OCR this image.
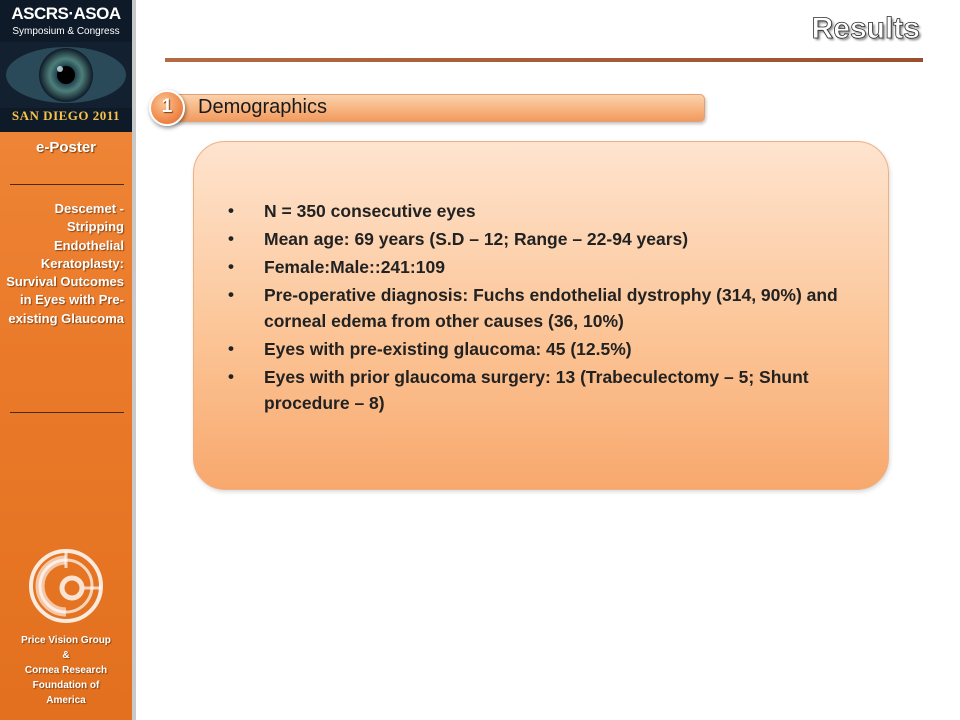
ASCRS·ASOA
Symposium & Congress
SAN DIEGO 2011
e-Poster
Descemet - Stripping Endothelial Keratoplasty: Survival Outcomes in Eyes with Pre-existing Glaucoma
Price Vision Group
&
Cornea Research
Foundation of
America
Results
Demographics
1
• N = 350 consecutive eyes
• Mean age: 69 years (S.D – 12; Range – 22-94 years)
• Female:Male::241:109
• Pre-operative diagnosis: Fuchs endothelial dystrophy (314, 90%) and corneal edema from other causes (36, 10%)
• Eyes with pre-existing glaucoma: 45 (12.5%)
• Eyes with prior glaucoma surgery: 13 (Trabeculectomy – 5; Shunt procedure – 8)
